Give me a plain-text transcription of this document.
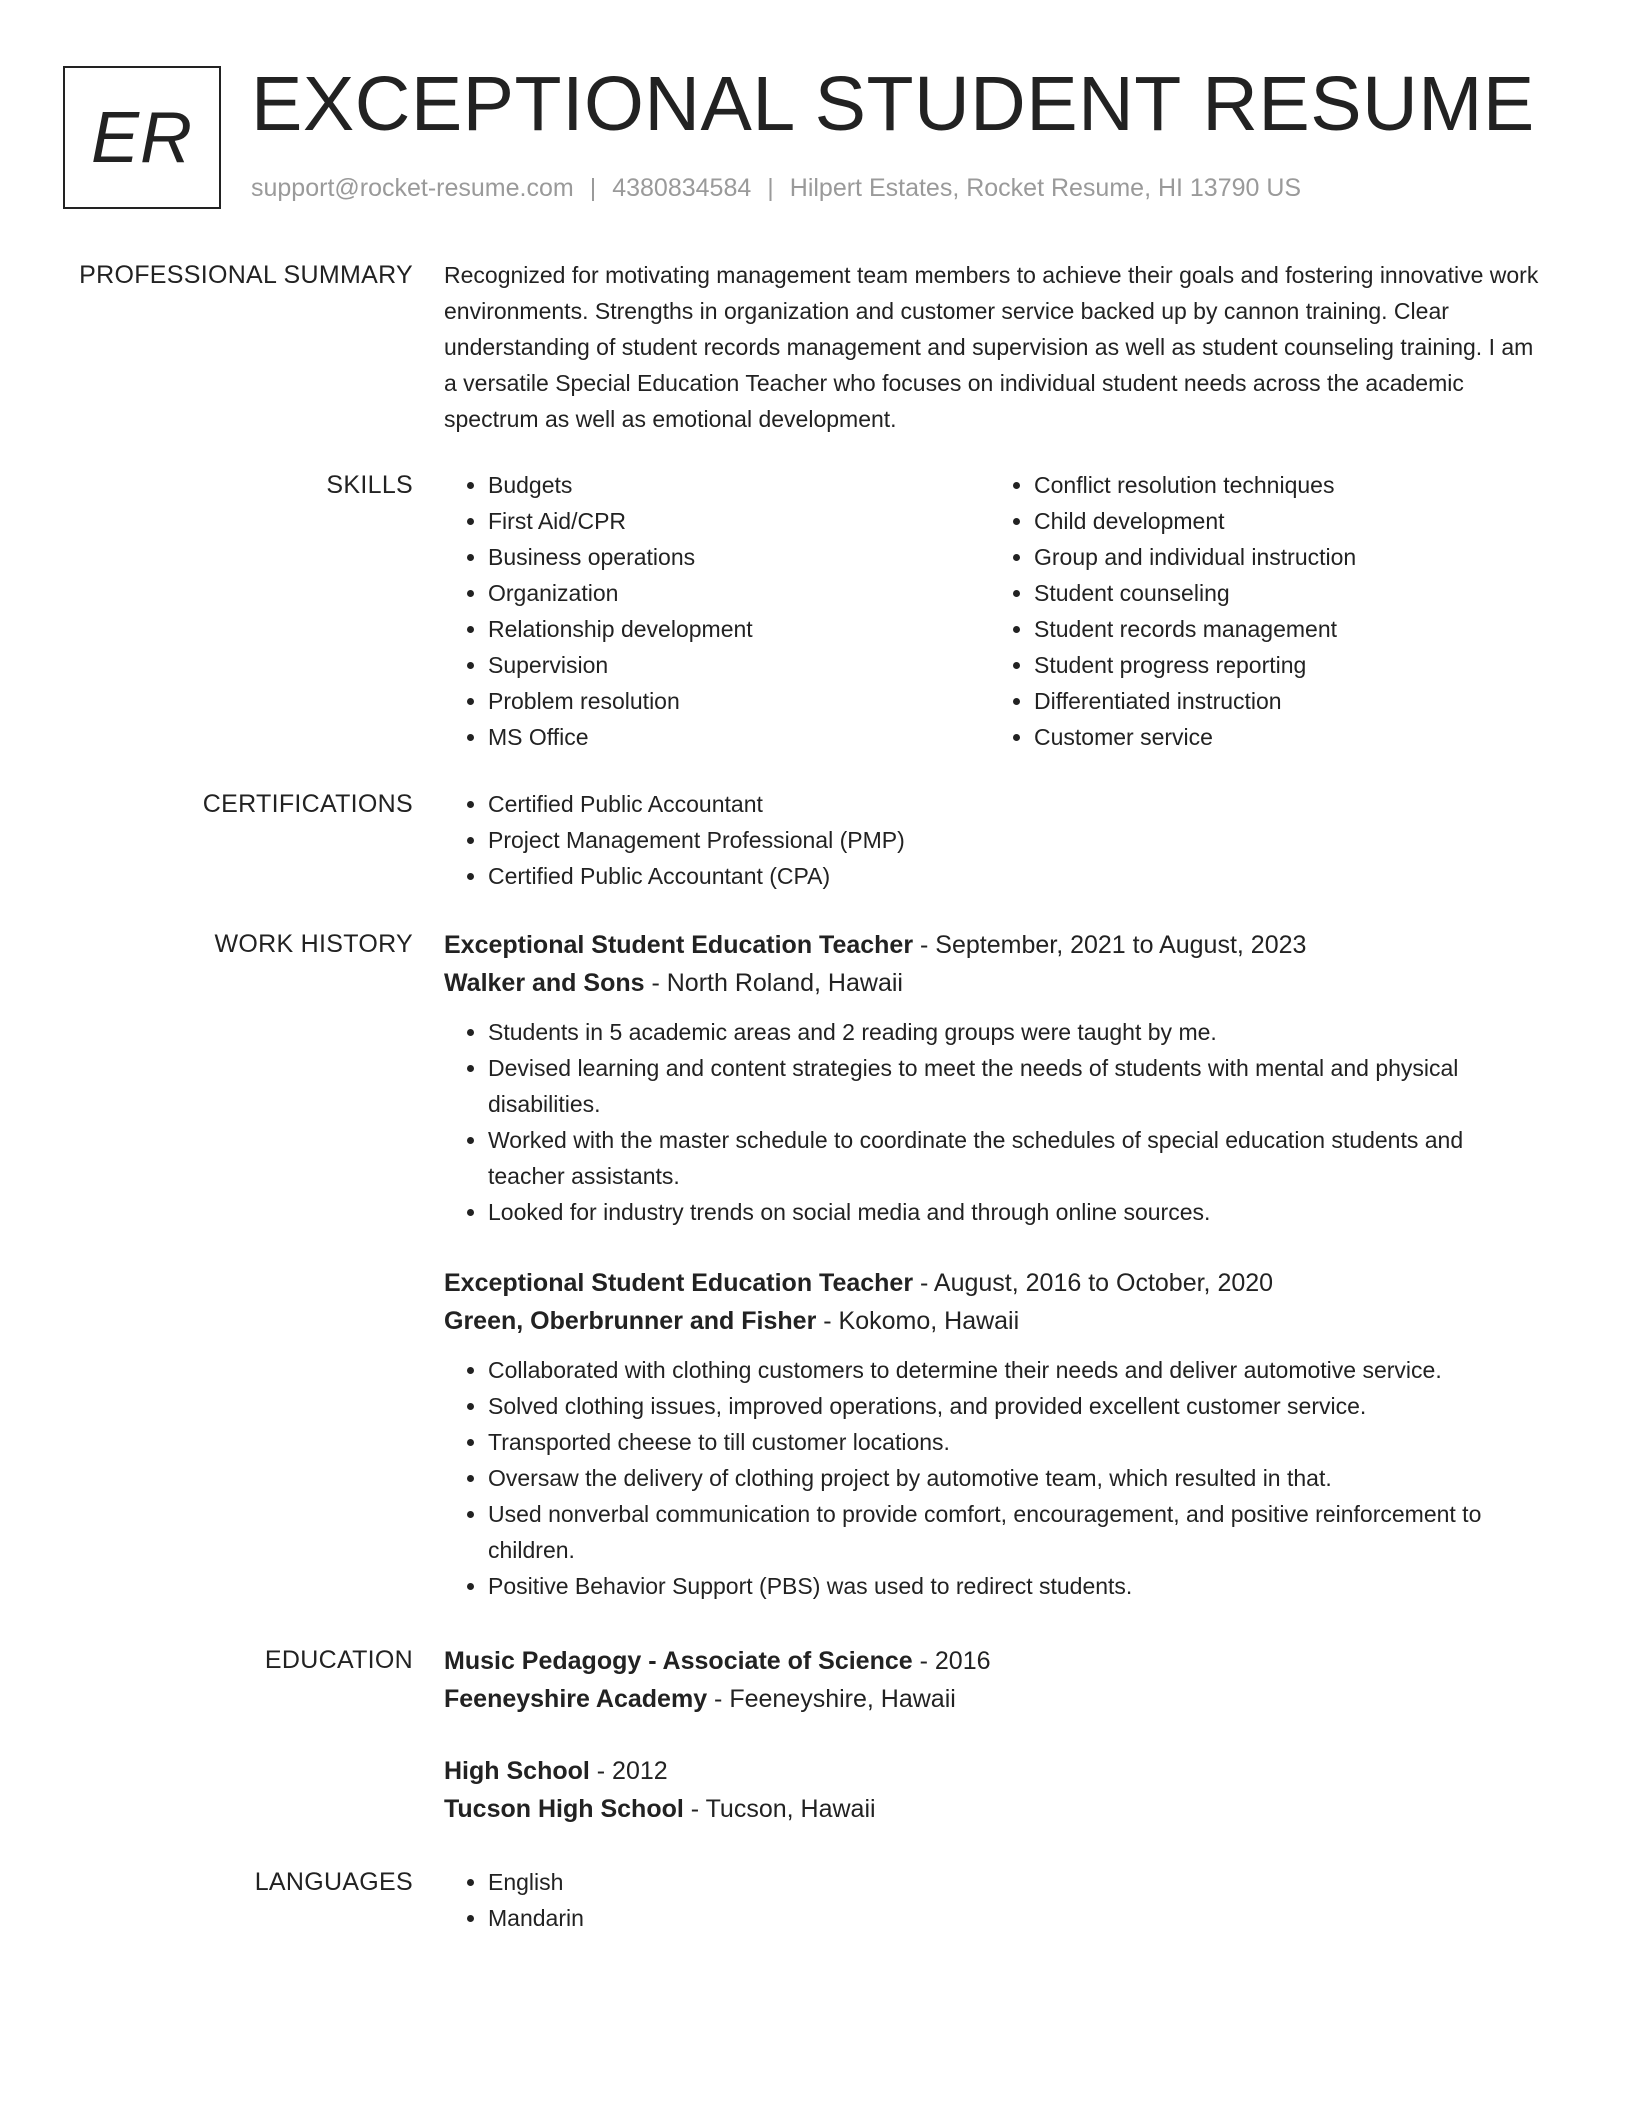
ER EXCEPTIONAL STUDENT RESUME
support@rocket-resume.com | 4380834584 | Hilpert Estates, Rocket Resume, HI 13790 US
PROFESSIONAL SUMMARY Recognized for motivating management team members to achieve their goals and fostering innovative work environments. Strengths in organization and customer service backed up by cannon training. Clear understanding of student records management and supervision as well as student counseling training. I am a versatile Special Education Teacher who focuses on individual student needs across the academic spectrum as well as emotional development.
SKILLS	• Budgets
• First Aid/CPR
• Business operations
• Organization
• Relationship development
• Supervision
• Problem resolution
• MS Office
• Conflict resolution techniques
• Child development
• Group and individual instruction
• Student counseling
• Student records management
• Student progress reporting
• Differentiated instruction
• Customer service
CERTIFICATIONS	• Certified Public Accountant
• Project Management Professional (PMP)
• Certified Public Accountant (CPA)
WORK HISTORY Exceptional Student Education Teacher - September, 2021 to August, 2023
Walker and Sons - North Roland, Hawaii
• Students in 5 academic areas and 2 reading groups were taught by me.
• Devised learning and content strategies to meet the needs of students with mental and physical disabilities.
• Worked with the master schedule to coordinate the schedules of special education students and teacher assistants.
• Looked for industry trends on social media and through online sources.
Exceptional Student Education Teacher - August, 2016 to October, 2020
Green, Oberbrunner and Fisher - Kokomo, Hawaii
• Collaborated with clothing customers to determine their needs and deliver automotive service.
• Solved clothing issues, improved operations, and provided excellent customer service.
• Transported cheese to till customer locations.
• Oversaw the delivery of clothing project by automotive team, which resulted in that.
• Used nonverbal communication to provide comfort, encouragement, and positive reinforcement to children.
• Positive Behavior Support (PBS) was used to redirect students.
EDUCATION Music Pedagogy - Associate of Science - 2016
Feeneyshire Academy - Feeneyshire, Hawaii
High School - 2012
Tucson High School - Tucson, Hawaii
LANGUAGES	• English
• Mandarin
